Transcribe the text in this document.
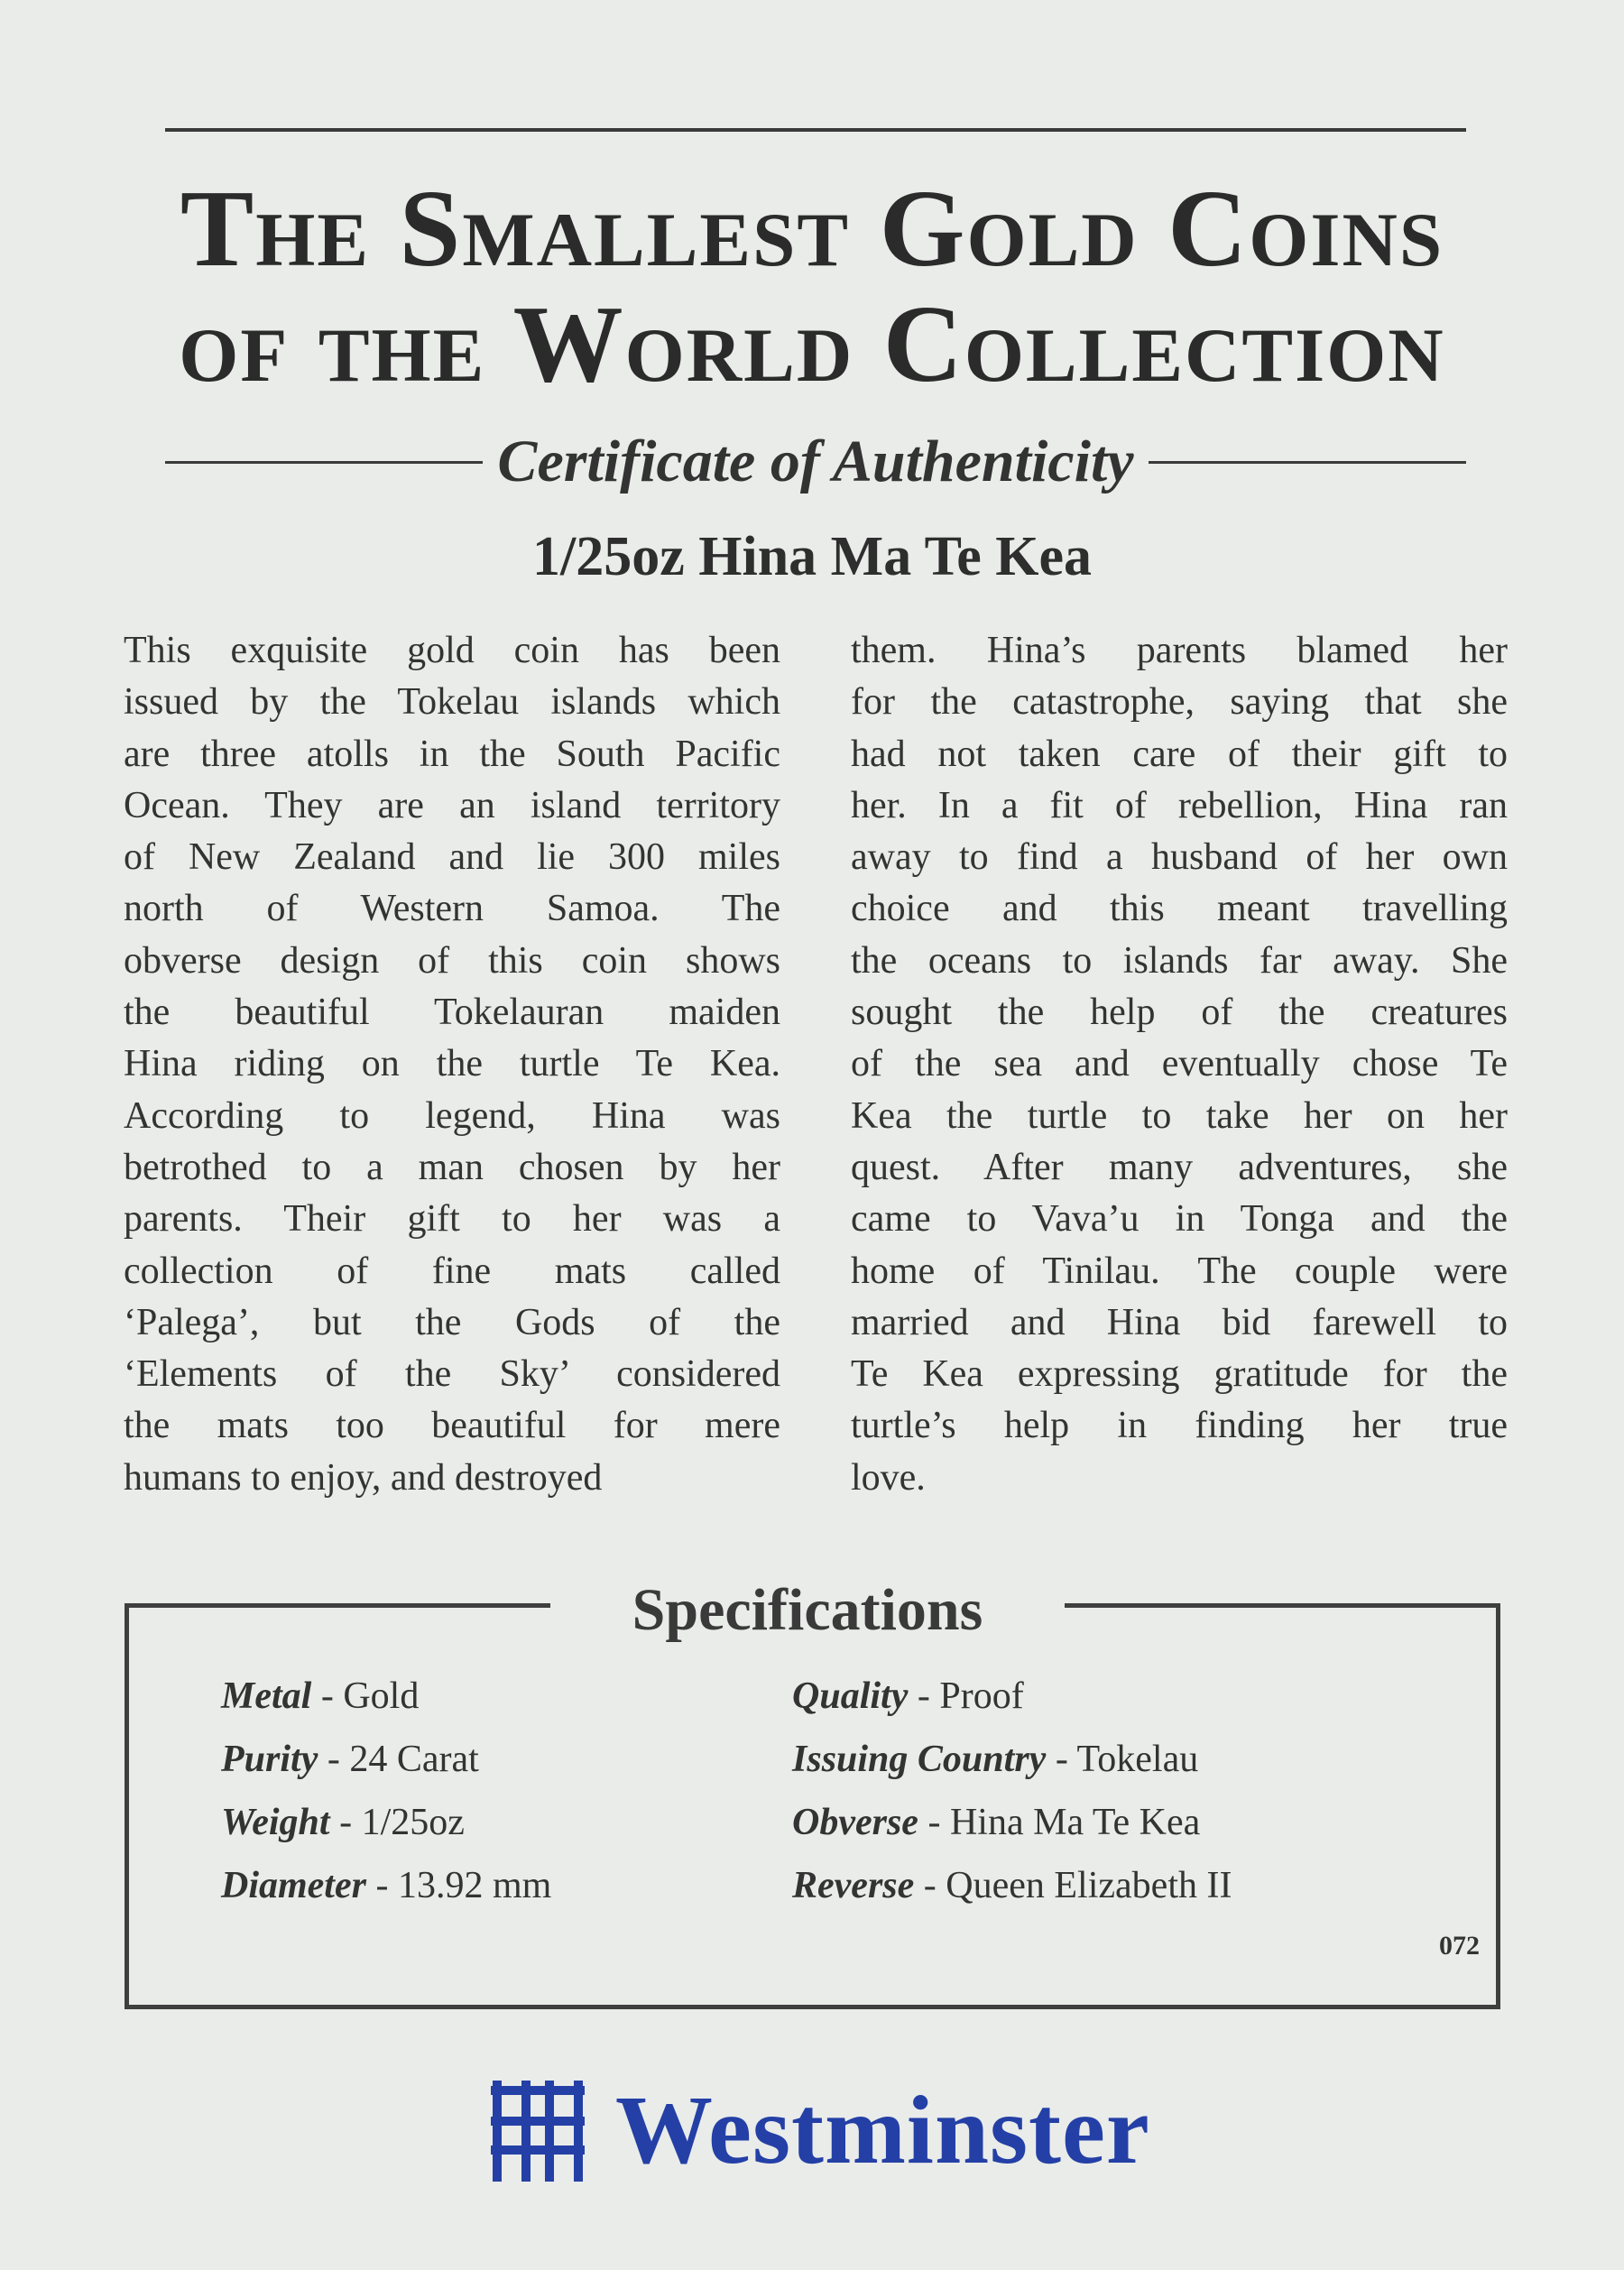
The Smallest Gold Coins
of the World Collection
Certificate of Authenticity
1/25oz Hina Ma Te Kea
This exquisite gold coin has been
issued by the Tokelau islands which
are three atolls in the South Pacific
Ocean. They are an island territory
of New Zealand and lie 300 miles
north of Western Samoa. The
obverse design of this coin shows
the beautiful Tokelauran maiden
Hina riding on the turtle Te Kea.
According to legend, Hina was
betrothed to a man chosen by her
parents. Their gift to her was a
collection of fine mats called
‘Palega’, but the Gods of the
‘Elements of the Sky’ considered
the mats too beautiful for mere
humans to enjoy, and destroyed
them. Hina’s parents blamed her
for the catastrophe, saying that she
had not taken care of their gift to
her. In a fit of rebellion, Hina ran
away to find a husband of her own
choice and this meant travelling
the oceans to islands far away. She
sought the help of the creatures
of the sea and eventually chose Te
Kea the turtle to take her on her
quest. After many adventures, she
came to Vava’u in Tonga and the
home of Tinilau. The couple were
married and Hina bid farewell to
Te Kea expressing gratitude for the
turtle’s help in finding her true
love.
Specifications
Metal - Gold
Purity - 24 Carat
Weight - 1/25oz
Diameter - 13.92 mm
Quality - Proof
Issuing Country - Tokelau
Obverse - Hina Ma Te Kea
Reverse - Queen Elizabeth II
072
Westminster
